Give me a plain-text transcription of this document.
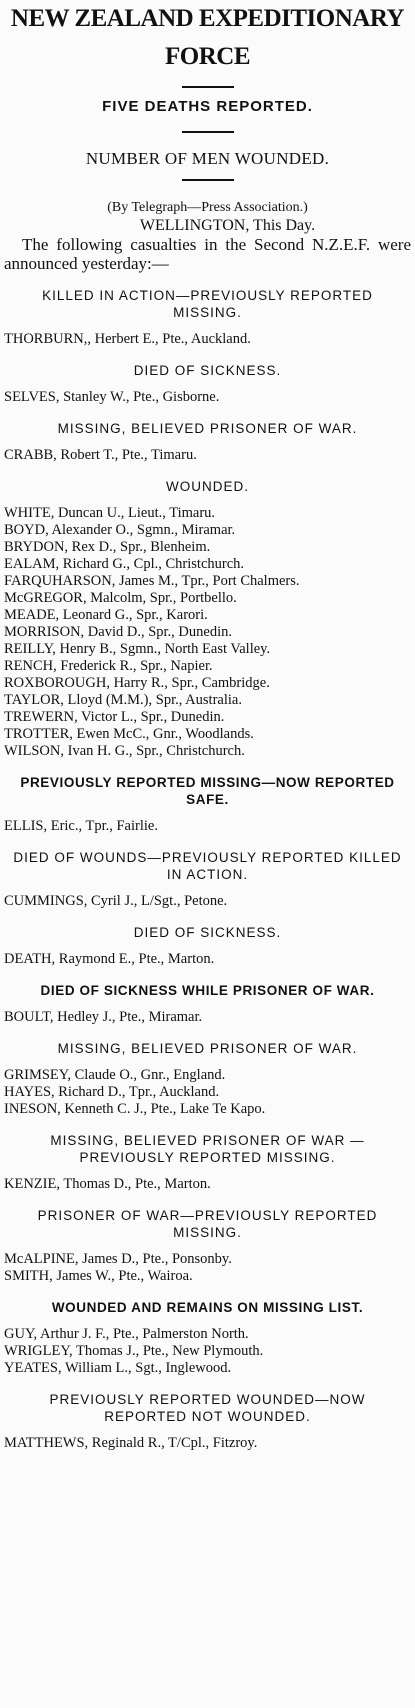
NEW ZEALAND EXPEDITIONARY
FORCE
FIVE DEATHS REPORTED.
NUMBER OF MEN WOUNDED.

(By Telegraph—Press Association.)

WELLINGTON, This Day.

The following casualties in the Second N.Z.E.F. were announced yesterday:—

KILLED IN ACTION—PREVIOUSLY REPORTED MISSING.

THORBURN,, Herbert E., Pte., Auckland.

DIED OF SICKNESS.

SELVES, Stanley W., Pte., Gisborne.

MISSING, BELIEVED PRISONER OF WAR.

CRABB, Robert T., Pte., Timaru.

WOUNDED.

WHITE, Duncan U., Lieut., Timaru.

BOYD, Alexander O., Sgmn., Miramar.

BRYDON, Rex D., Spr., Blenheim.

EALAM, Richard G., Cpl., Christchurch.

FARQUHARSON, James M., Tpr., Port Chalmers.

McGREGOR, Malcolm, Spr., Portbello.

MEADE, Leonard G., Spr., Karori.

MORRISON, David D., Spr., Dunedin.

REILLY, Henry B., Sgmn., North East Valley.

RENCH, Frederick R., Spr., Napier.

ROXBOROUGH, Harry R., Spr., Cambridge.

TAYLOR, Lloyd (M.M.), Spr., Australia.

TREWERN, Victor L., Spr., Dunedin.

TROTTER, Ewen McC., Gnr., Woodlands.

WILSON, Ivan H. G., Spr., Christchurch.

PREVIOUSLY REPORTED MISSING—NOW REPORTED SAFE.

ELLIS, Eric., Tpr., Fairlie.

DIED OF WOUNDS—PREVIOUSLY REPORTED KILLED IN ACTION.

CUMMINGS, Cyril J., L/Sgt., Petone.

DIED OF SICKNESS.

DEATH, Raymond E., Pte., Marton.

DIED OF SICKNESS WHILE PRISONER OF WAR.

BOULT, Hedley J., Pte., Miramar.

MISSING, BELIEVED PRISONER OF WAR.

GRIMSEY, Claude O., Gnr., England.

HAYES, Richard D., Tpr., Auckland.

INESON, Kenneth C. J., Pte., Lake Te Kapo.

MISSING, BELIEVED PRISONER OF WAR —PREVIOUSLY REPORTED MISSING.

KENZIE, Thomas D., Pte., Marton.

PRISONER OF WAR—PREVIOUSLY REPORTED MISSING.

McALPINE, James D., Pte., Ponsonby.

SMITH, James W., Pte., Wairoa.

WOUNDED AND REMAINS ON MISSING LIST.

GUY, Arthur J. F., Pte., Palmerston North.

WRIGLEY, Thomas J., Pte., New Plymouth.

YEATES, William L., Sgt., Inglewood.

PREVIOUSLY REPORTED WOUNDED—NOW REPORTED NOT WOUNDED.

MATTHEWS, Reginald R., T/Cpl., Fitzroy.
